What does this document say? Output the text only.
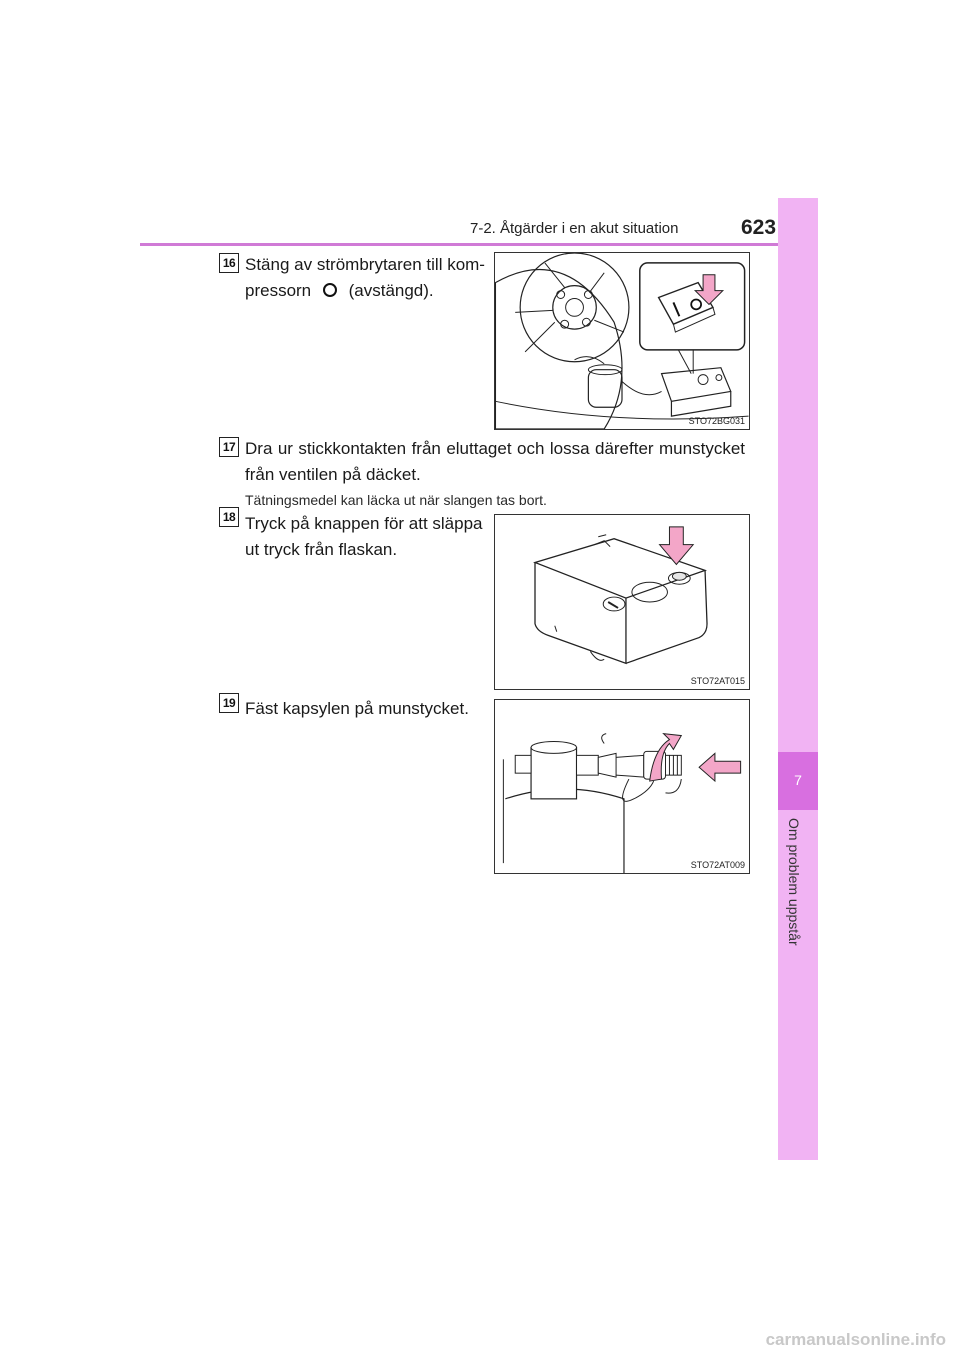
7-2. Åtgärder i en akut situation	623
7
Om problem uppstår
16 Stäng av strömbrytaren till kom-
pressorn (avstängd).
STO72BG031
17 Dra ur stickkontakten från eluttaget och lossa därefter munstycket
från ventilen på däcket.
Tätningsmedel kan läcka ut när slangen tas bort.
18 Tryck på knappen för att släppa
ut tryck från flaskan.
STO72AT015
19 Fäst kapsylen på munstycket.
STO72AT009
carmanualsonline.info
